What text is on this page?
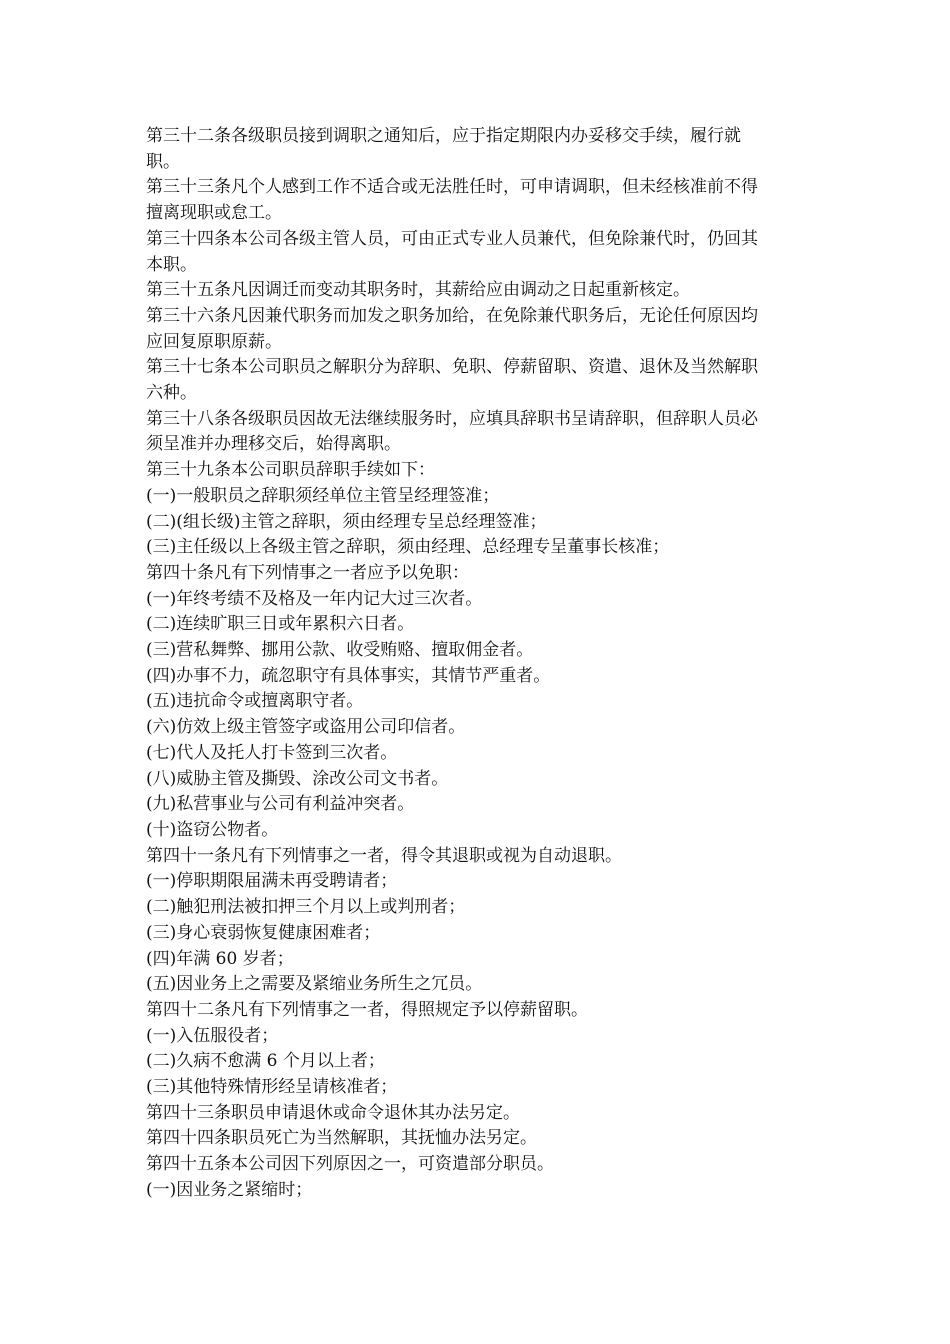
第三十二条各级职员接到调职之通知后，应于指定期限内办妥移交手续，履行就职。

第三十三条凡个人感到工作不适合或无法胜任时，可申请调职，但未经核准前不得擅离现职或怠工。

第三十四条本公司各级主管人员，可由正式专业人员兼代，但免除兼代时，仍回其本职。

第三十五条凡因调迁而变动其职务时，其薪给应由调动之日起重新核定。

第三十六条凡因兼代职务而加发之职务加给，在免除兼代职务后，无论任何原因均应回复原职原薪。

第三十七条本公司职员之解职分为辞职、免职、停薪留职、资遣、退休及当然解职六种。

第三十八条各级职员因故无法继续服务时，应填具辞职书呈请辞职，但辞职人员必须呈准并办理移交后，始得离职。

第三十九条本公司职员辞职手续如下：

(一)一般职员之辞职须经单位主管呈经理签准；

(二)(组长级)主管之辞职，须由经理专呈总经理签准；

(三)主任级以上各级主管之辞职，须由经理、总经理专呈董事长核准；

第四十条凡有下列情事之一者应予以免职：

(一)年终考绩不及格及一年内记大过三次者。

(二)连续旷职三日或年累积六日者。

(三)营私舞弊、挪用公款、收受贿赂、擅取佣金者。

(四)办事不力，疏忽职守有具体事实，其情节严重者。

(五)违抗命令或擅离职守者。

(六)仿效上级主管签字或盗用公司印信者。

(七)代人及托人打卡签到三次者。

(八)威胁主管及撕毁、涂改公司文书者。

(九)私营事业与公司有利益冲突者。

(十)盗窃公物者。

第四十一条凡有下列情事之一者，得令其退职或视为自动退职。

(一)停职期限届满未再受聘请者；

(二)触犯刑法被扣押三个月以上或判刑者；

(三)身心衰弱恢复健康困难者；

(四)年满 60 岁者；

(五)因业务上之需要及紧缩业务所生之冗员。

第四十二条凡有下列情事之一者，得照规定予以停薪留职。

(一)入伍服役者；

(二)久病不愈满 6 个月以上者；

(三)其他特殊情形经呈请核准者；

第四十三条职员申请退休或命令退休其办法另定。

第四十四条职员死亡为当然解职，其抚恤办法另定。

第四十五条本公司因下列原因之一，可资遣部分职员。

(一)因业务之紧缩时；
